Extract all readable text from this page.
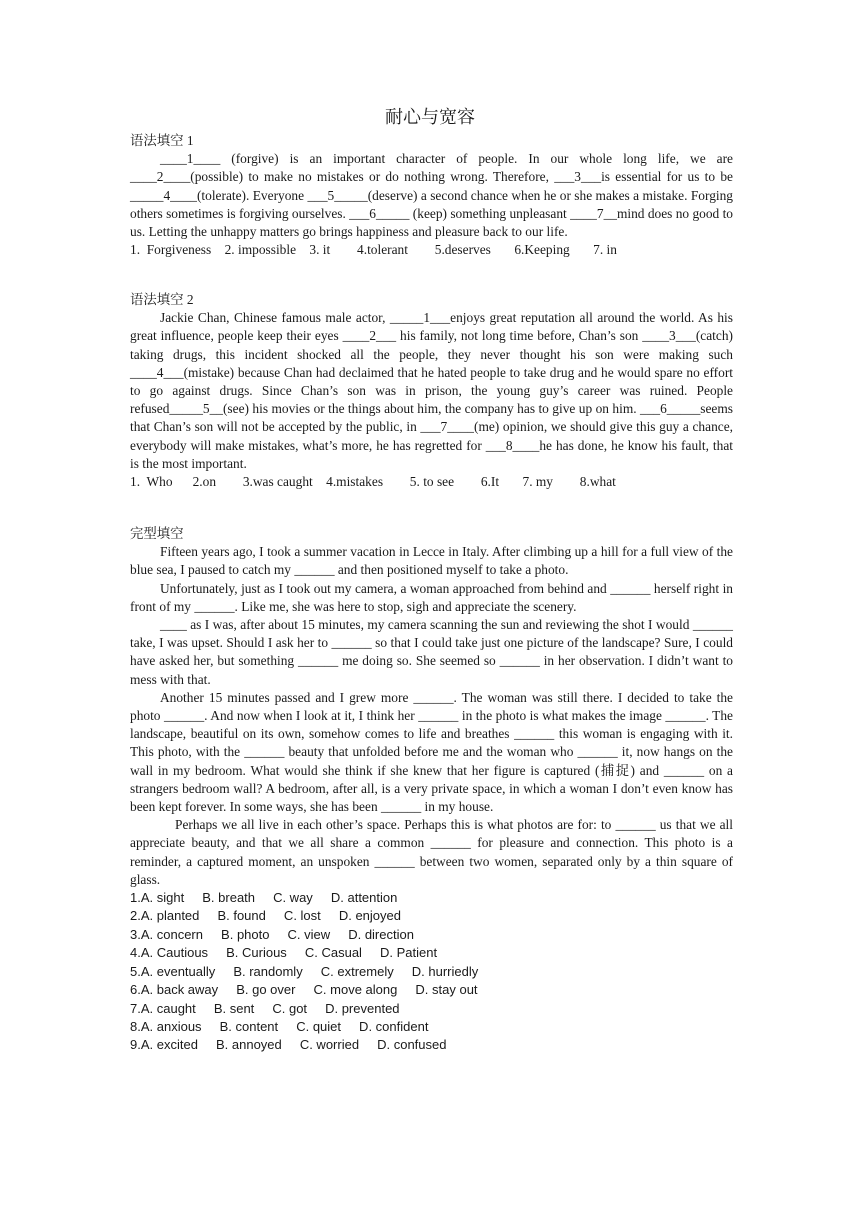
耐心与宽容
语法填空 1
____1____ (forgive) is an important character of people. In our whole long life, we are ____2____(possible) to make no mistakes or do nothing wrong. Therefore, ___3___is essential for us to be _____4____(tolerate). Everyone ___5_____(deserve) a second chance when he or she makes a mistake. Forging others sometimes is forgiving ourselves. ___6_____ (keep) something unpleasant ____7__mind does no good to us. Letting the unhappy matters go brings happiness and pleasure back to our life.
1.  Forgiveness    2. impossible    3. it        4.tolerant        5.deserves       6.Keeping       7. in
语法填空 2
Jackie Chan, Chinese famous male actor, _____1___enjoys great reputation all around the world. As his great influence, people keep their eyes ____2___ his family, not long time before, Chan’s son ____3___(catch) taking drugs, this incident shocked all the people, they never thought his son were making such ____4___(mistake) because Chan had declaimed that he hated people to take drug and he would spare no effort to go against drugs. Since Chan’s son was in prison, the young guy’s career was ruined. People refused_____5__(see) his movies or the things about him, the company has to give up on him. ___6_____seems that Chan’s son will not be accepted by the public, in ___7____(me) opinion, we should give this guy a chance, everybody will make mistakes, what’s more, he has regretted for ___8____he has done, he know his fault, that is the most important.
1.  Who      2.on        3.was caught    4.mistakes        5. to see        6.It       7. my        8.what
完型填空
Fifteen years ago, I took a summer vacation in Lecce in Italy. After climbing up a hill for a full view of the blue sea, I paused to catch my ______ and then positioned myself to take a photo.
Unfortunately, just as I took out my camera, a woman approached from behind and ______ herself right in front of my ______. Like me, she was here to stop, sigh and appreciate the scenery.
____ as I was, after about 15 minutes, my camera scanning the sun and reviewing the shot I would ______ take, I was upset. Should I ask her to ______ so that I could take just one picture of the landscape? Sure, I could have asked her, but something ______ me doing so. She seemed so ______ in her observation. I didn’t want to mess with that.
Another 15 minutes passed and I grew more ______. The woman was still there. I decided to take the photo ______. And now when I look at it, I think her ______ in the photo is what makes the image ______. The landscape, beautiful on its own, somehow comes to life and breathes ______ this woman is engaging with it. This photo, with the ______ beauty that unfolded before me and the woman who ______ it, now hangs on the wall in my bedroom. What would she think if she knew that her figure is captured (捕捉) and ______ on a strangers bedroom wall? A bedroom, after all, is a very private space, in which a woman I don’t even know has been kept forever. In some ways, she has been ______ in my house.
Perhaps we all live in each other’s space. Perhaps this is what photos are for: to ______ us that we all appreciate beauty, and that we all share a common ______ for pleasure and connection. This photo is a reminder, a captured moment, an unspoken ______ between two women, separated only by a thin square of glass.
1.A. sight     B. breath     C. way     D. attention
2.A. planted     B. found     C. lost     D. enjoyed
3.A. concern     B. photo     C. view     D. direction
4.A. Cautious     B. Curious     C. Casual     D. Patient
5.A. eventually     B. randomly     C. extremely     D. hurriedly
6.A. back away     B. go over     C. move along     D. stay out
7.A. caught     B. sent     C. got     D. prevented
8.A. anxious     B. content     C. quiet     D. confident
9.A. excited     B. annoyed     C. worried     D. confused
